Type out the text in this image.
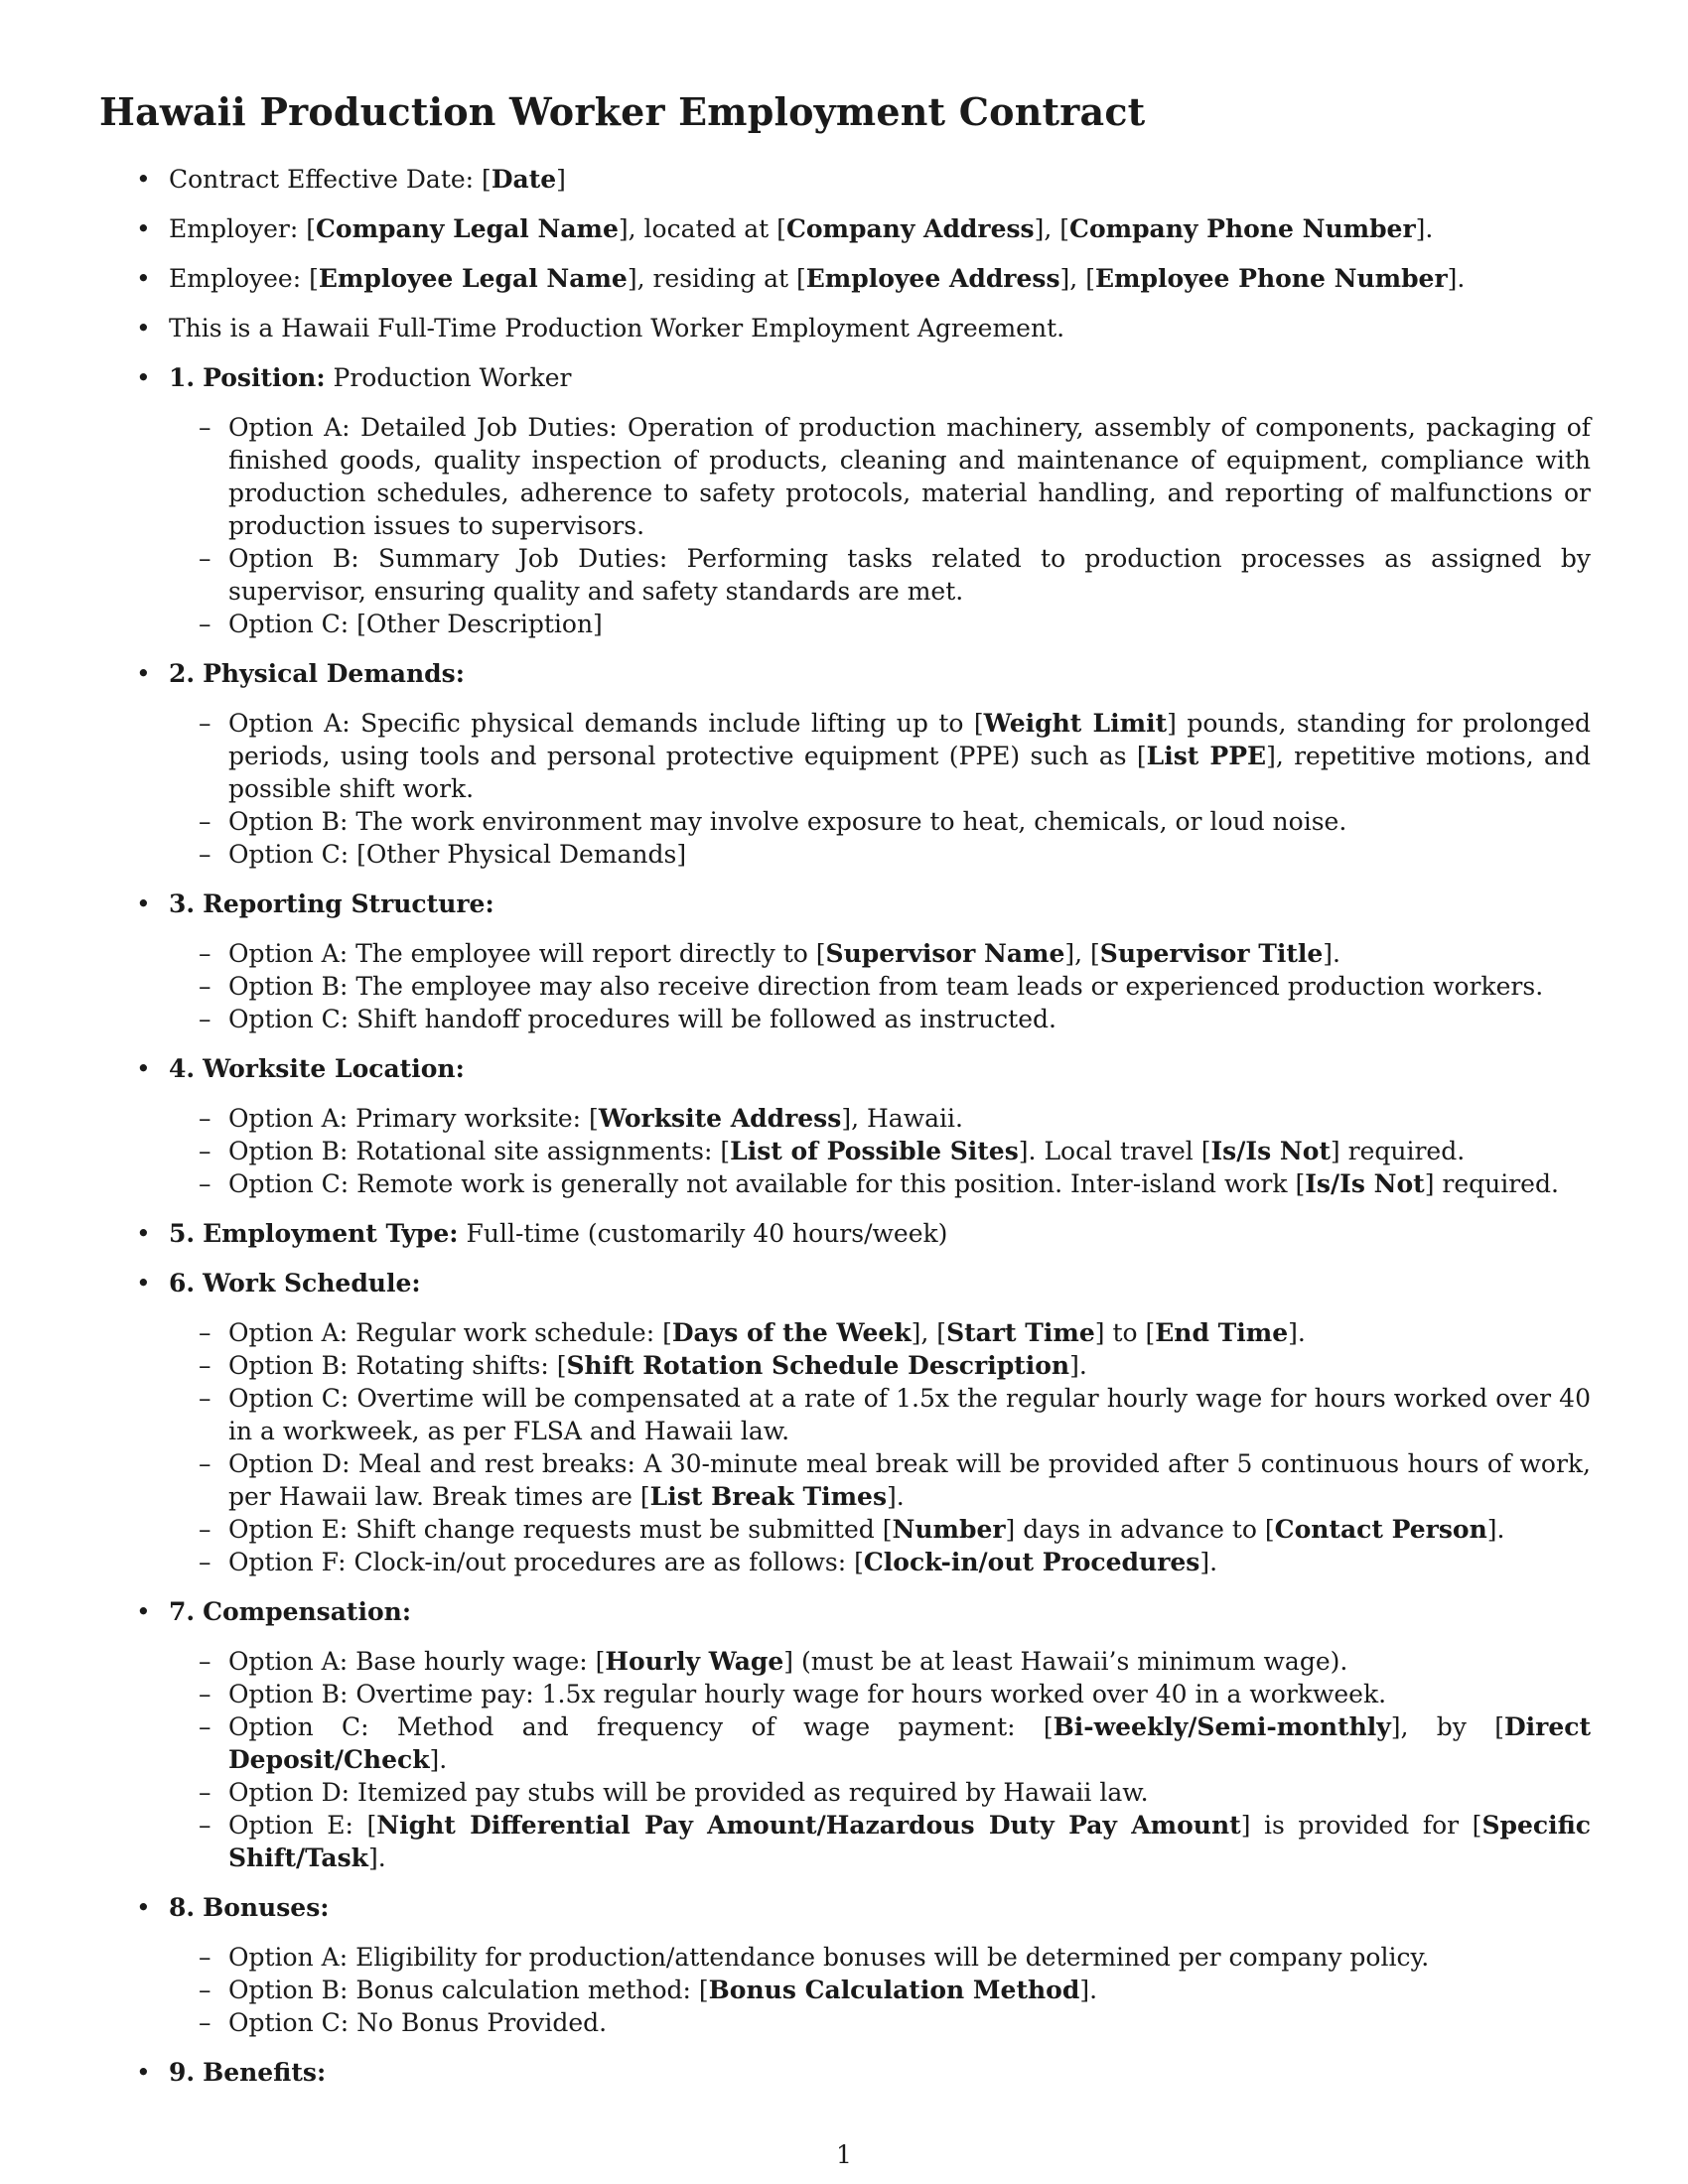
Hawaii Production Worker Employment Contract
• Contract Effective Date: [Date]
• Employer: [Company Legal Name], located at [Company Address], [Company Phone Number].
• Employee: [Employee Legal Name], residing at [Employee Address], [Employee Phone Number].
• This is a Hawaii Full-Time Production Worker Employment Agreement.
• 1. Position: Production Worker
– Option A: Detailed Job Duties: Operation of production machinery, assembly of components, packaging of finished goods, quality inspection of products, cleaning and maintenance of equipment, compliance with production schedules, adherence to safety protocols, material handling, and reporting of malfunctions or production issues to supervisors.
– Option B: Summary Job Duties: Performing tasks related to production processes as assigned by supervisor, ensuring quality and safety standards are met.
– Option C: [Other Description]
• 2. Physical Demands:
– Option A: Specific physical demands include lifting up to [Weight Limit] pounds, standing for prolonged periods, using tools and personal protective equipment (PPE) such as [List PPE], repetitive motions, and possible shift work.
– Option B: The work environment may involve exposure to heat, chemicals, or loud noise.
– Option C: [Other Physical Demands]
• 3. Reporting Structure:
– Option A: The employee will report directly to [Supervisor Name], [Supervisor Title].
– Option B: The employee may also receive direction from team leads or experienced production workers.
– Option C: Shift handoff procedures will be followed as instructed.
• 4. Worksite Location:
– Option A: Primary worksite: [Worksite Address], Hawaii.
– Option B: Rotational site assignments: [List of Possible Sites]. Local travel [Is/Is Not] required.
– Option C: Remote work is generally not available for this position. Inter-island work [Is/Is Not] required.
• 5. Employment Type: Full-time (customarily 40 hours/week)
• 6. Work Schedule:
– Option A: Regular work schedule: [Days of the Week], [Start Time] to [End Time].
– Option B: Rotating shifts: [Shift Rotation Schedule Description].
– Option C: Overtime will be compensated at a rate of 1.5x the regular hourly wage for hours worked over 40 in a workweek, as per FLSA and Hawaii law.
– Option D: Meal and rest breaks: A 30-minute meal break will be provided after 5 continuous hours of work, per Hawaii law. Break times are [List Break Times].
– Option E: Shift change requests must be submitted [Number] days in advance to [Contact Person].
– Option F: Clock-in/out procedures are as follows: [Clock-in/out Procedures].
• 7. Compensation:
– Option A: Base hourly wage: [Hourly Wage] (must be at least Hawaii’s minimum wage).
– Option B: Overtime pay: 1.5x regular hourly wage for hours worked over 40 in a workweek.
– Option C: Method and frequency of wage payment: [Bi-weekly/Semi-monthly], by [Direct Deposit/Check].
– Option D: Itemized pay stubs will be provided as required by Hawaii law.
– Option E: [Night Differential Pay Amount/Hazardous Duty Pay Amount] is provided for [Specific Shift/Task].
• 8. Bonuses:
– Option A: Eligibility for production/attendance bonuses will be determined per company policy.
– Option B: Bonus calculation method: [Bonus Calculation Method].
– Option C: No Bonus Provided.
• 9. Benefits:
1
